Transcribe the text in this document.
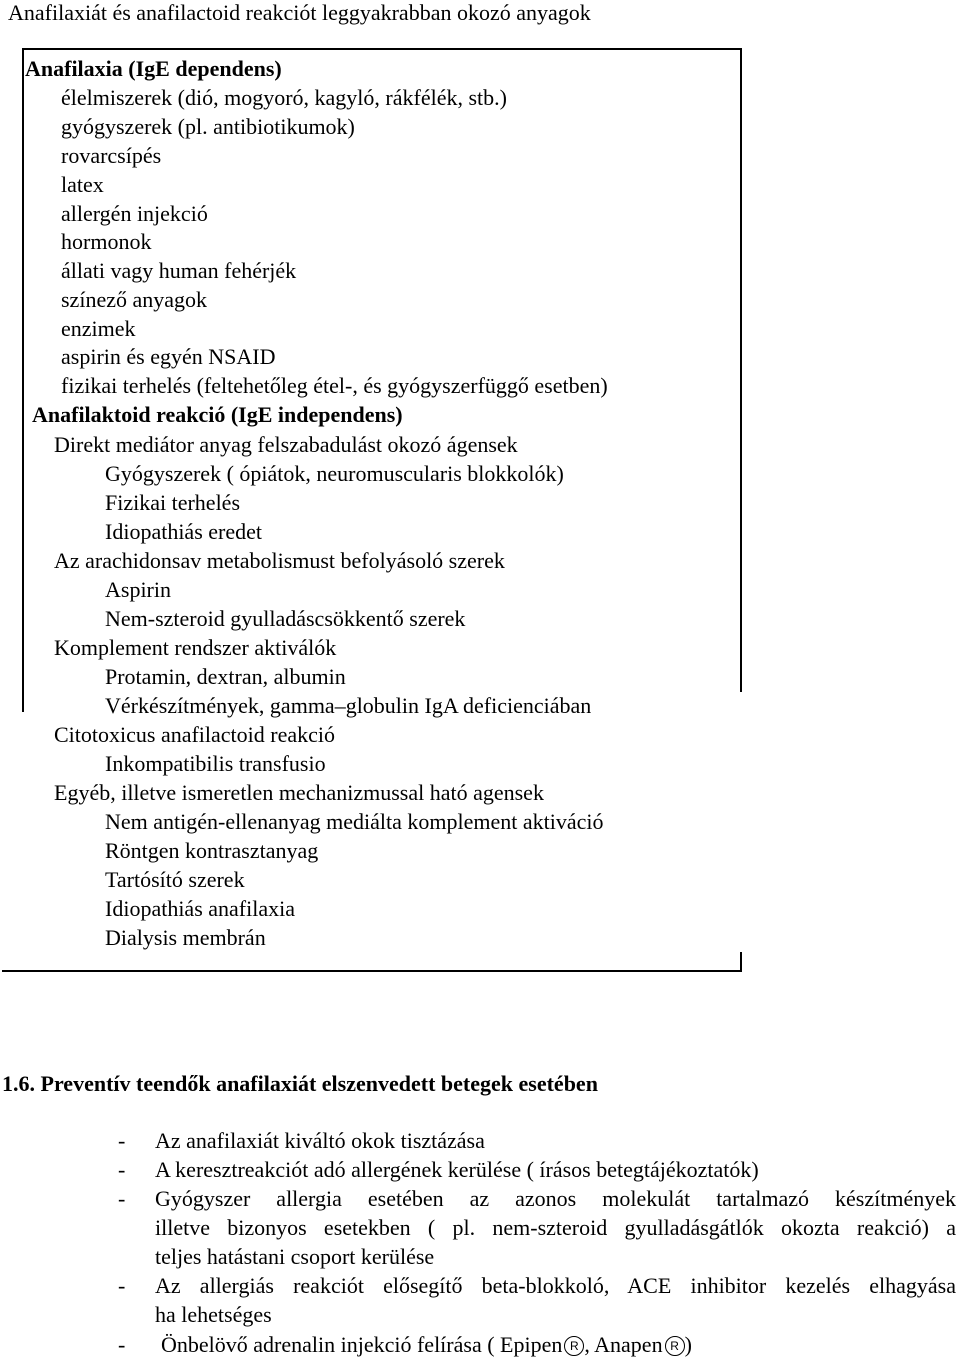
Anafilaxiát és anafilactoid reakciót leggyakrabban okozó anyagok
Anafilaxia (IgE dependens)
élelmiszerek (dió, mogyoró, kagyló, rákfélék, stb.)
gyógyszerek (pl. antibiotikumok)
rovarcsípés
latex
allergén injekció
hormonok
állati vagy human fehérjék
színező anyagok
enzimek
aspirin és egyén NSAID
fizikai terhelés (feltehetőleg étel-, és gyógyszerfüggő esetben)
Anafilaktoid reakció (IgE independens)
Direkt mediátor anyag felszabadulást okozó ágensek
Gyógyszerek ( ópiátok, neuromuscularis blokkolók)
Fizikai terhelés
Idiopathiás eredet
Az arachidonsav metabolismust befolyásoló szerek
Aspirin
Nem-szteroid gyulladáscsökkentő szerek
Komplement rendszer aktiválók
Protamin, dextran, albumin
Vérkészítmények, gamma–globulin IgA deficienciában
Citotoxicus anafilactoid reakció
Inkompatibilis transfusio
Egyéb, illetve ismeretlen mechanizmussal ható agensek
Nem antigén-ellenanyag mediálta komplement aktiváció
Röntgen kontrasztanyag
Tartósító szerek
Idiopathiás anafilaxia
Dialysis membrán
1.6. Preventív teendők anafilaxiát elszenvedett betegek esetében
- Az anafilaxiát kiváltó okok tisztázása
- A keresztreakciót adó allergének kerülése ( írásos betegtájékoztatók)
- Gyógyszer allergia esetében az azonos molekulát tartalmazó készítmények
illetve bizonyos esetekben ( pl. nem-szteroid gyulladásgátlók okozta reakció) a
teljes hatástani csoport kerülése
- Az allergiás reakciót elősegítő beta-blokkoló, ACE inhibitor kezelés elhagyása
ha lehetséges
- Önbelövő adrenalin injekció felírása ( Epipen R , Anapen R )
